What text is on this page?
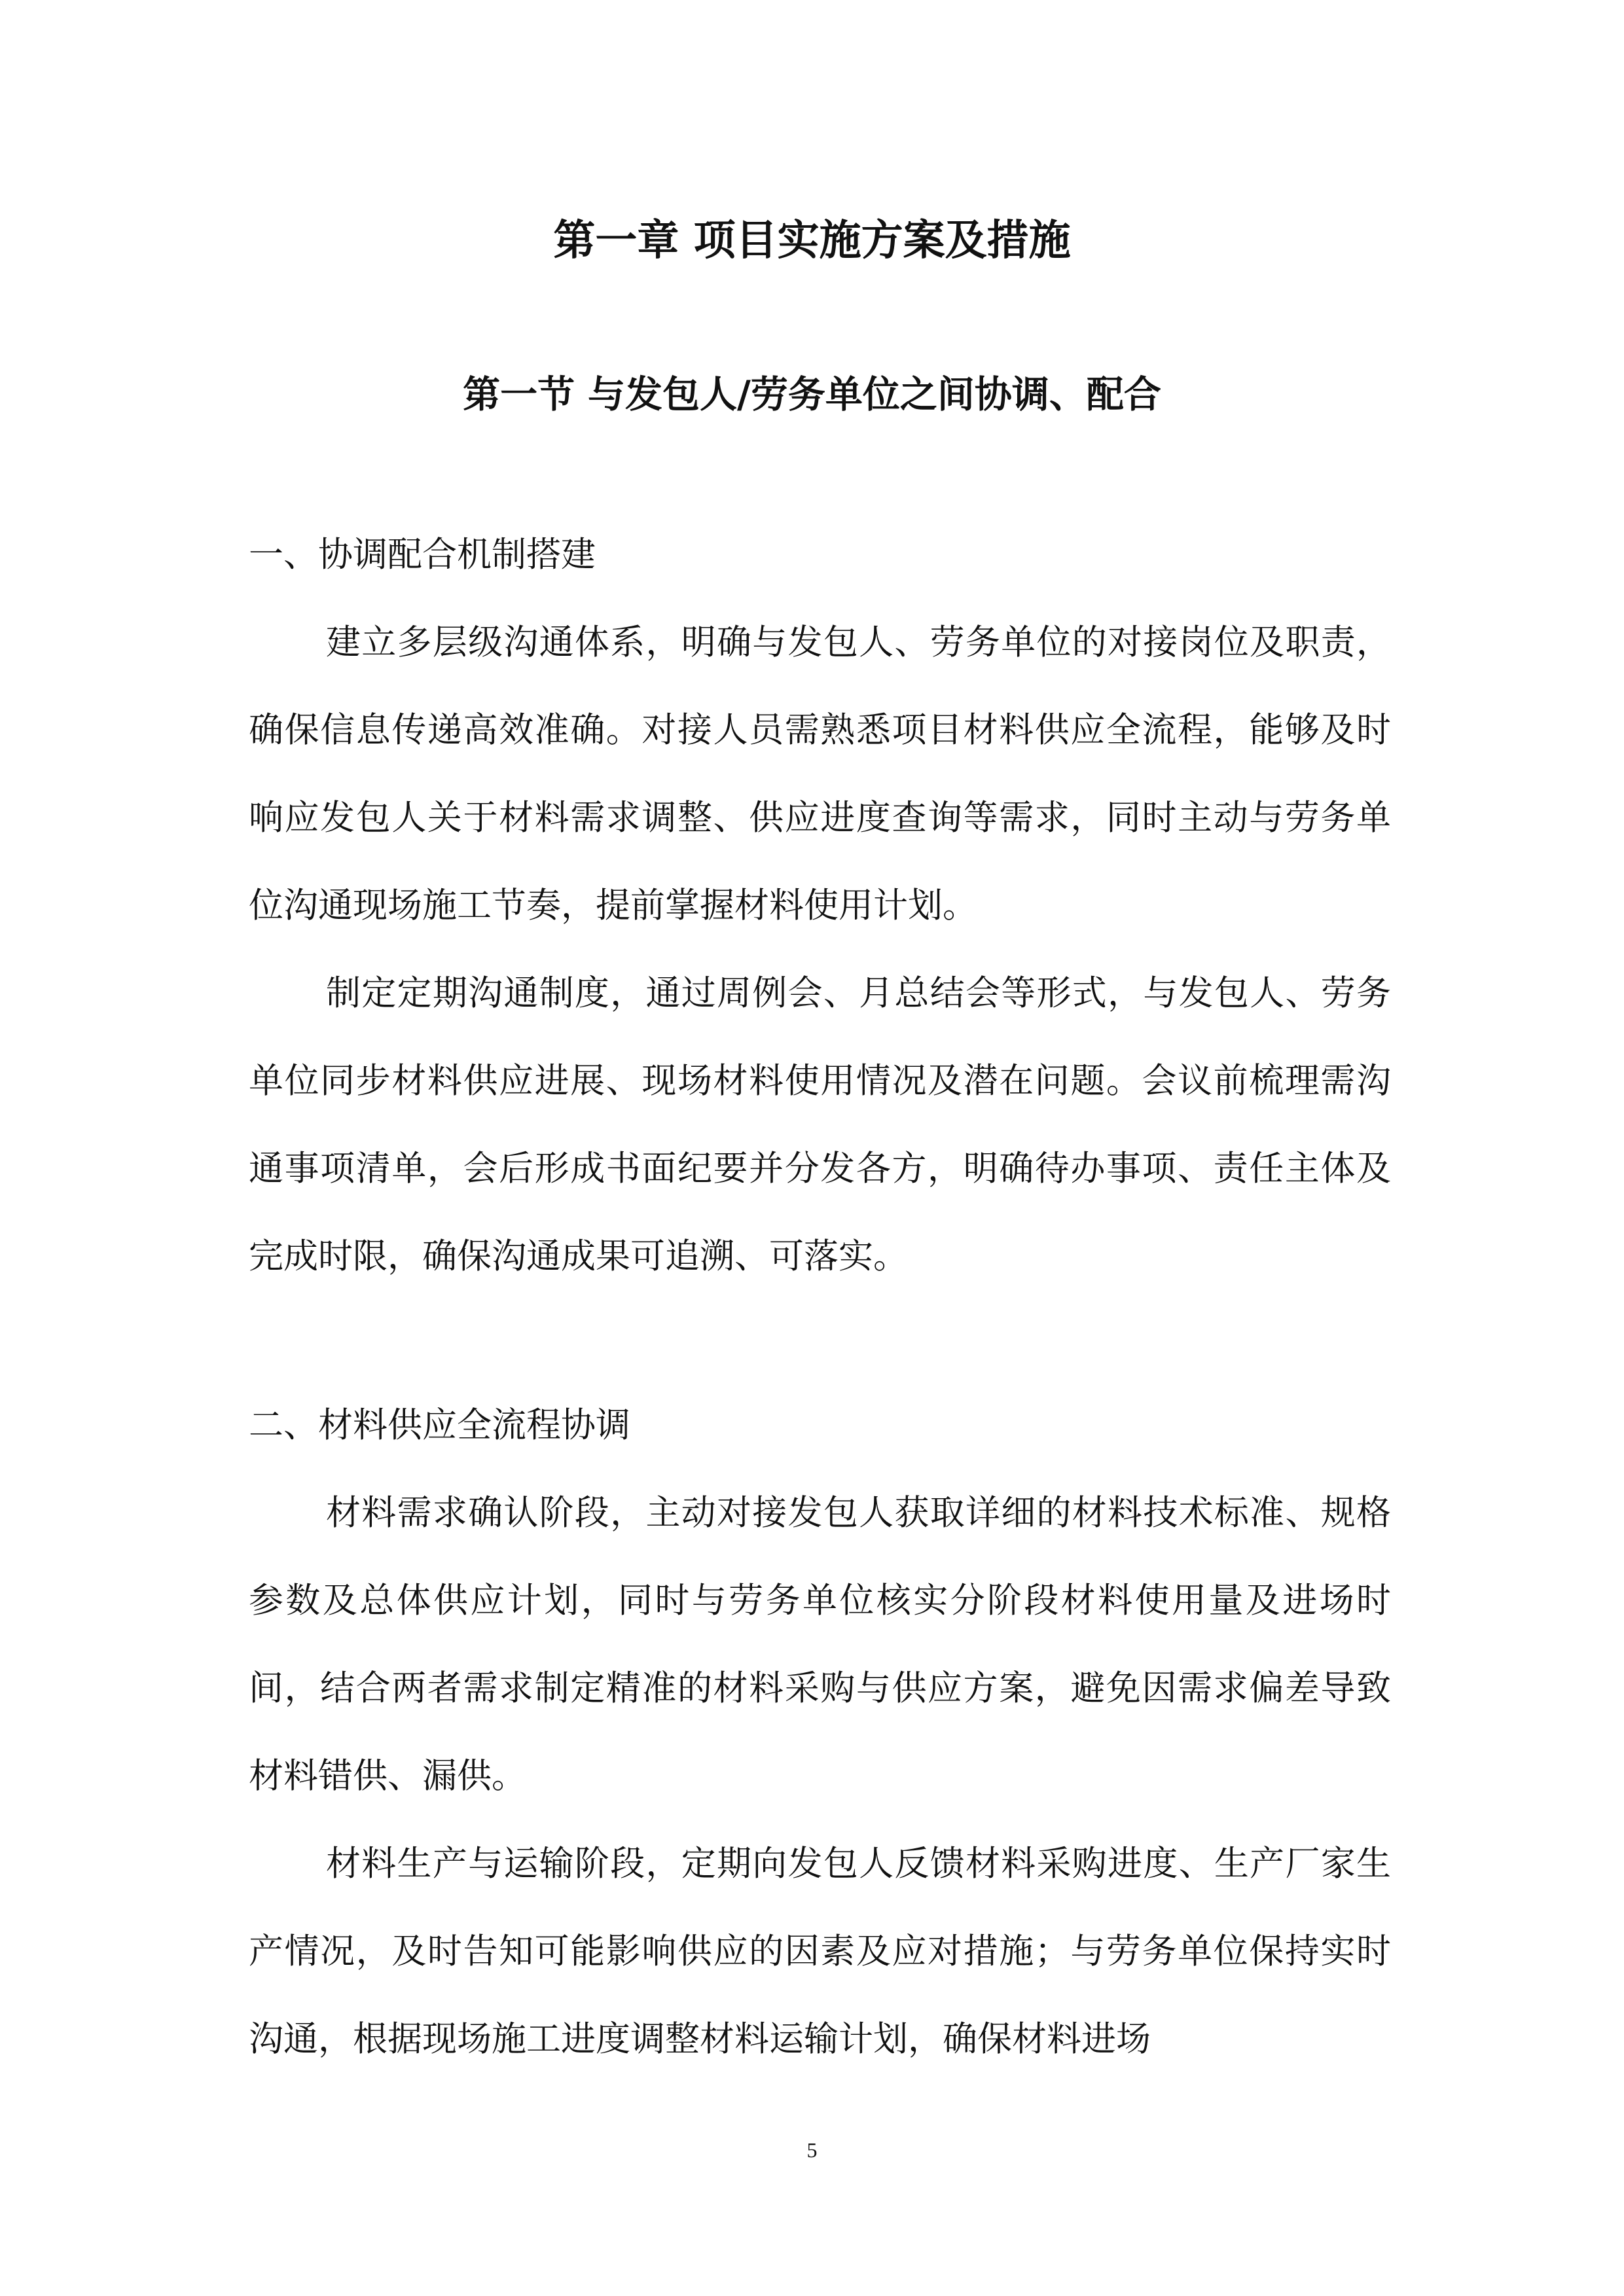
第一章 项目实施方案及措施
第一节 与发包人/劳务单位之间协调、配合
一、协调配合机制搭建

建立多层级沟通体系，明确与发包人、劳务单位的对接岗位及职责，确保信息传递高效准确。对接人员需熟悉项目材料供应全流程，能够及时响应发包人关于材料需求调整、供应进度查询等需求，同时主动与劳务单位沟通现场施工节奏，提前掌握材料使用计划。

制定定期沟通制度，通过周例会、月总结会等形式，与发包人、劳务单位同步材料供应进展、现场材料使用情况及潜在问题。会议前梳理需沟通事项清单，会后形成书面纪要并分发各方，明确待办事项、责任主体及完成时限，确保沟通成果可追溯、可落实。

二、材料供应全流程协调

材料需求确认阶段，主动对接发包人获取详细的材料技术标准、规格参数及总体供应计划，同时与劳务单位核实分阶段材料使用量及进场时间，结合两者需求制定精准的材料采购与供应方案，避免因需求偏差导致材料错供、漏供。

材料生产与运输阶段，定期向发包人反馈材料采购进度、生产厂家生产情况，及时告知可能影响供应的因素及应对措施；与劳务单位保持实时沟通，根据现场施工进度调整材料运输计划，确保材料进场

5
